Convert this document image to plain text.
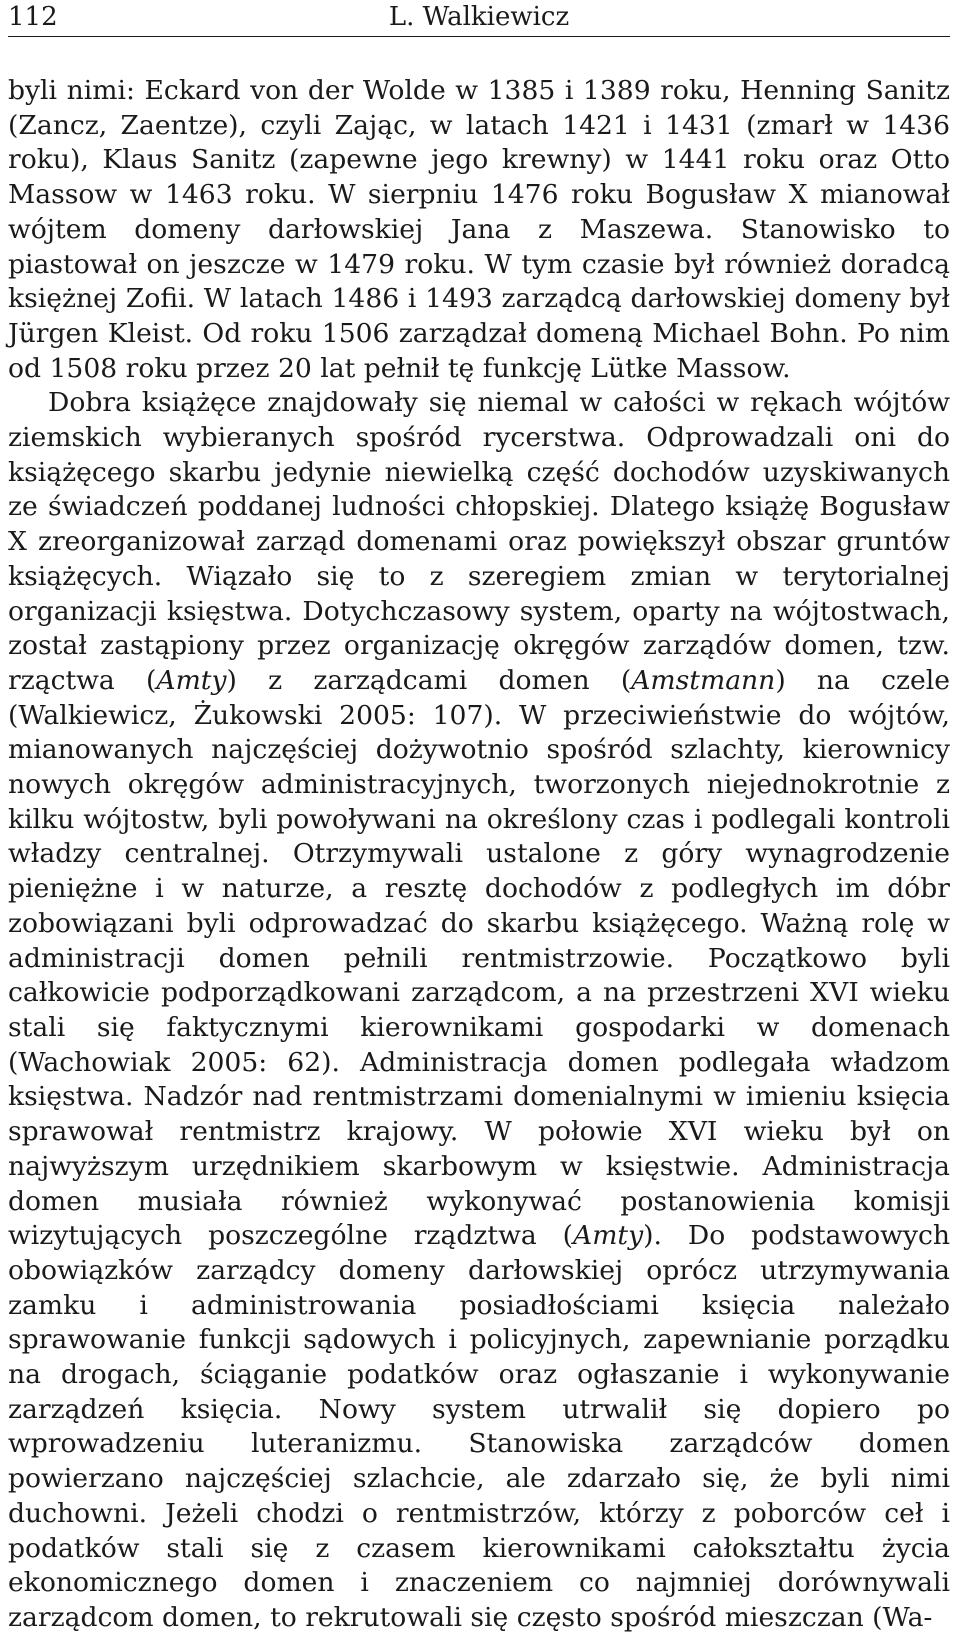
112	L. Walkiewicz

byli nimi: Eckard von der Wolde w 1385 i 1389 roku, Henning Sanitz (Zancz, Zaentze), czyli Zając, w latach 1421 i 1431 (zmarł w 1436 roku), Klaus Sanitz (zapewne jego krewny) w 1441 roku oraz Otto Massow w 1463 roku. W sierpniu 1476 roku Bogusław X mianował wójtem domeny darłowskiej Jana z Maszewa. Stanowisko to piastował on jeszcze w 1479 roku. W tym czasie był również doradcą księżnej Zofii. W latach 1486 i 1493 zarządcą darłowskiej domeny był Jürgen Kleist. Od roku 1506 zarządzał domeną Michael Bohn. Po nim od 1508 roku przez 20 lat pełnił tę funkcję Lütke Massow.

Dobra książęce znajdowały się niemal w całości w rękach wójtów ziemskich wybieranych spośród rycerstwa. Odprowadzali oni do książęcego skarbu jedynie niewielką część dochodów uzyskiwanych ze świadczeń poddanej ludności chłopskiej. Dlatego książę Bogusław X zreorganizował zarząd domenami oraz powiększył obszar gruntów książęcych. Wiązało się to z szeregiem zmian w terytorialnej organizacji księstwa. Dotychczasowy system, oparty na wójtostwach, został zastąpiony przez organizację okręgów zarządów domen, tzw. rząctwa (Amty) z zarządcami domen (Amstmann) na czele (Walkiewicz, Żukowski 2005: 107). W przeciwieństwie do wójtów, mianowanych najczęściej dożywotnio spośród szlachty, kierownicy nowych okręgów administracyjnych, tworzonych niejednokrotnie z kilku wójtostw, byli powoływani na określony czas i podlegali kontroli władzy centralnej. Otrzymywali ustalone z góry wynagrodzenie pieniężne i w naturze, a resztę dochodów z podległych im dóbr zobowiązani byli odprowadzać do skarbu książęcego. Ważną rolę w administracji domen pełnili rentmistrzowie. Początkowo byli całkowicie podporządkowani zarządcom, a na przestrzeni XVI wieku stali się faktycznymi kierownikami gospodarki w domenach (Wachowiak 2005: 62). Administracja domen podlegała władzom księstwa. Nadzór nad rentmistrzami domenialnymi w imieniu księcia sprawował rentmistrz krajowy. W połowie XVI wieku był on najwyższym urzędnikiem skarbowym w księstwie. Administracja domen musiała również wykonywać postanowienia komisji wizytujących poszczególne rządztwa (Amty). Do podstawowych obowiązków zarządcy domeny darłowskiej oprócz utrzymywania zamku i administrowania posiadłościami księcia należało sprawowanie funkcji sądowych i policyjnych, zapewnianie porządku na drogach, ściąganie podatków oraz ogłaszanie i wykonywanie zarządzeń księcia. Nowy system utrwalił się dopiero po wprowadzeniu luteranizmu. Stanowiska zarządców domen powierzano najczęściej szlachcie, ale zdarzało się, że byli nimi duchowni. Jeżeli chodzi o rentmistrzów, którzy z poborców ceł i podatków stali się z czasem kierownikami całokształtu życia ekonomicznego domen i znaczeniem co najmniej dorównywali zarządcom domen, to rekrutowali się często spośród mieszczan (Wa-
